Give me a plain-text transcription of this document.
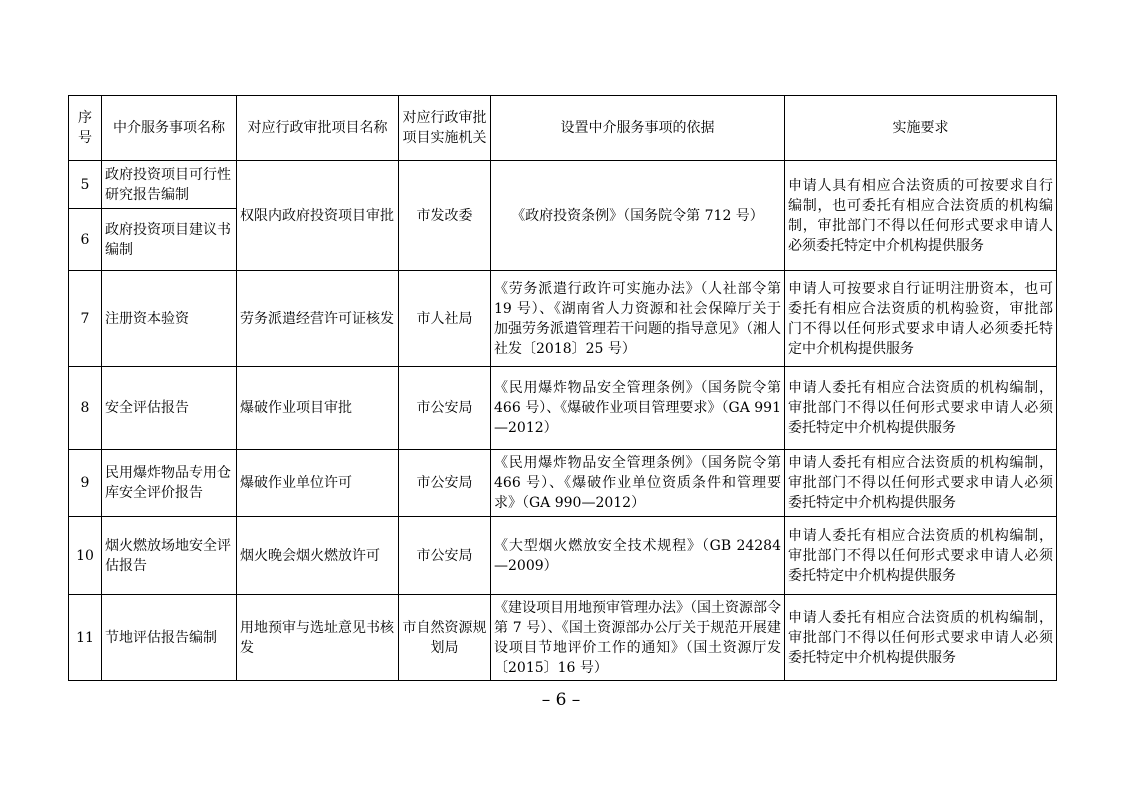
序号	中介服务事项名称	对应行政审批项目名称	对应行政审批项目实施机关	设置中介服务事项的依据	实施要求
5	政府投资项目可行性研究报告编制	权限内政府投资项目审批	市发改委	《政府投资条例》（国务院令第 712 号）	申请人具有相应合法资质的可按要求自行编制，也可委托有相应合法资质的机构编制，审批部门不得以任何形式要求申请人必须委托特定中介机构提供服务
6	政府投资项目建议书编制				
7	注册资本验资	劳务派遣经营许可证核发	市人社局	《劳务派遣行政许可实施办法》（人社部令第 19 号）、《湖南省人力资源和社会保障厅关于加强劳务派遣管理若干问题的指导意见》（湘人社发〔2018〕25 号）	申请人可按要求自行证明注册资本，也可委托有相应合法资质的机构验资，审批部门不得以任何形式要求申请人必须委托特定中介机构提供服务
8	安全评估报告	爆破作业项目审批	市公安局	《民用爆炸物品安全管理条例》（国务院令第 466 号）、《爆破作业项目管理要求》（GA 991—2012）	申请人委托有相应合法资质的机构编制，审批部门不得以任何形式要求申请人必须委托特定中介机构提供服务
9	民用爆炸物品专用仓库安全评价报告	爆破作业单位许可	市公安局	《民用爆炸物品安全管理条例》（国务院令第 466 号）、《爆破作业单位资质条件和管理要求》（GA 990—2012）	申请人委托有相应合法资质的机构编制，审批部门不得以任何形式要求申请人必须委托特定中介机构提供服务
10	烟火燃放场地安全评估报告	烟火晚会烟火燃放许可	市公安局	《大型烟火燃放安全技术规程》（GB 24284—2009）	申请人委托有相应合法资质的机构编制，审批部门不得以任何形式要求申请人必须委托特定中介机构提供服务
11	节地评估报告编制	用地预审与选址意见书核发	市自然资源规划局	《建设项目用地预审管理办法》（国土资源部令第 7 号）、《国土资源部办公厅关于规范开展建设项目节地评价工作的通知》（国土资源厅发〔2015〕16 号）	申请人委托有相应合法资质的机构编制，审批部门不得以任何形式要求申请人必须委托特定中介机构提供服务
– 6 –
